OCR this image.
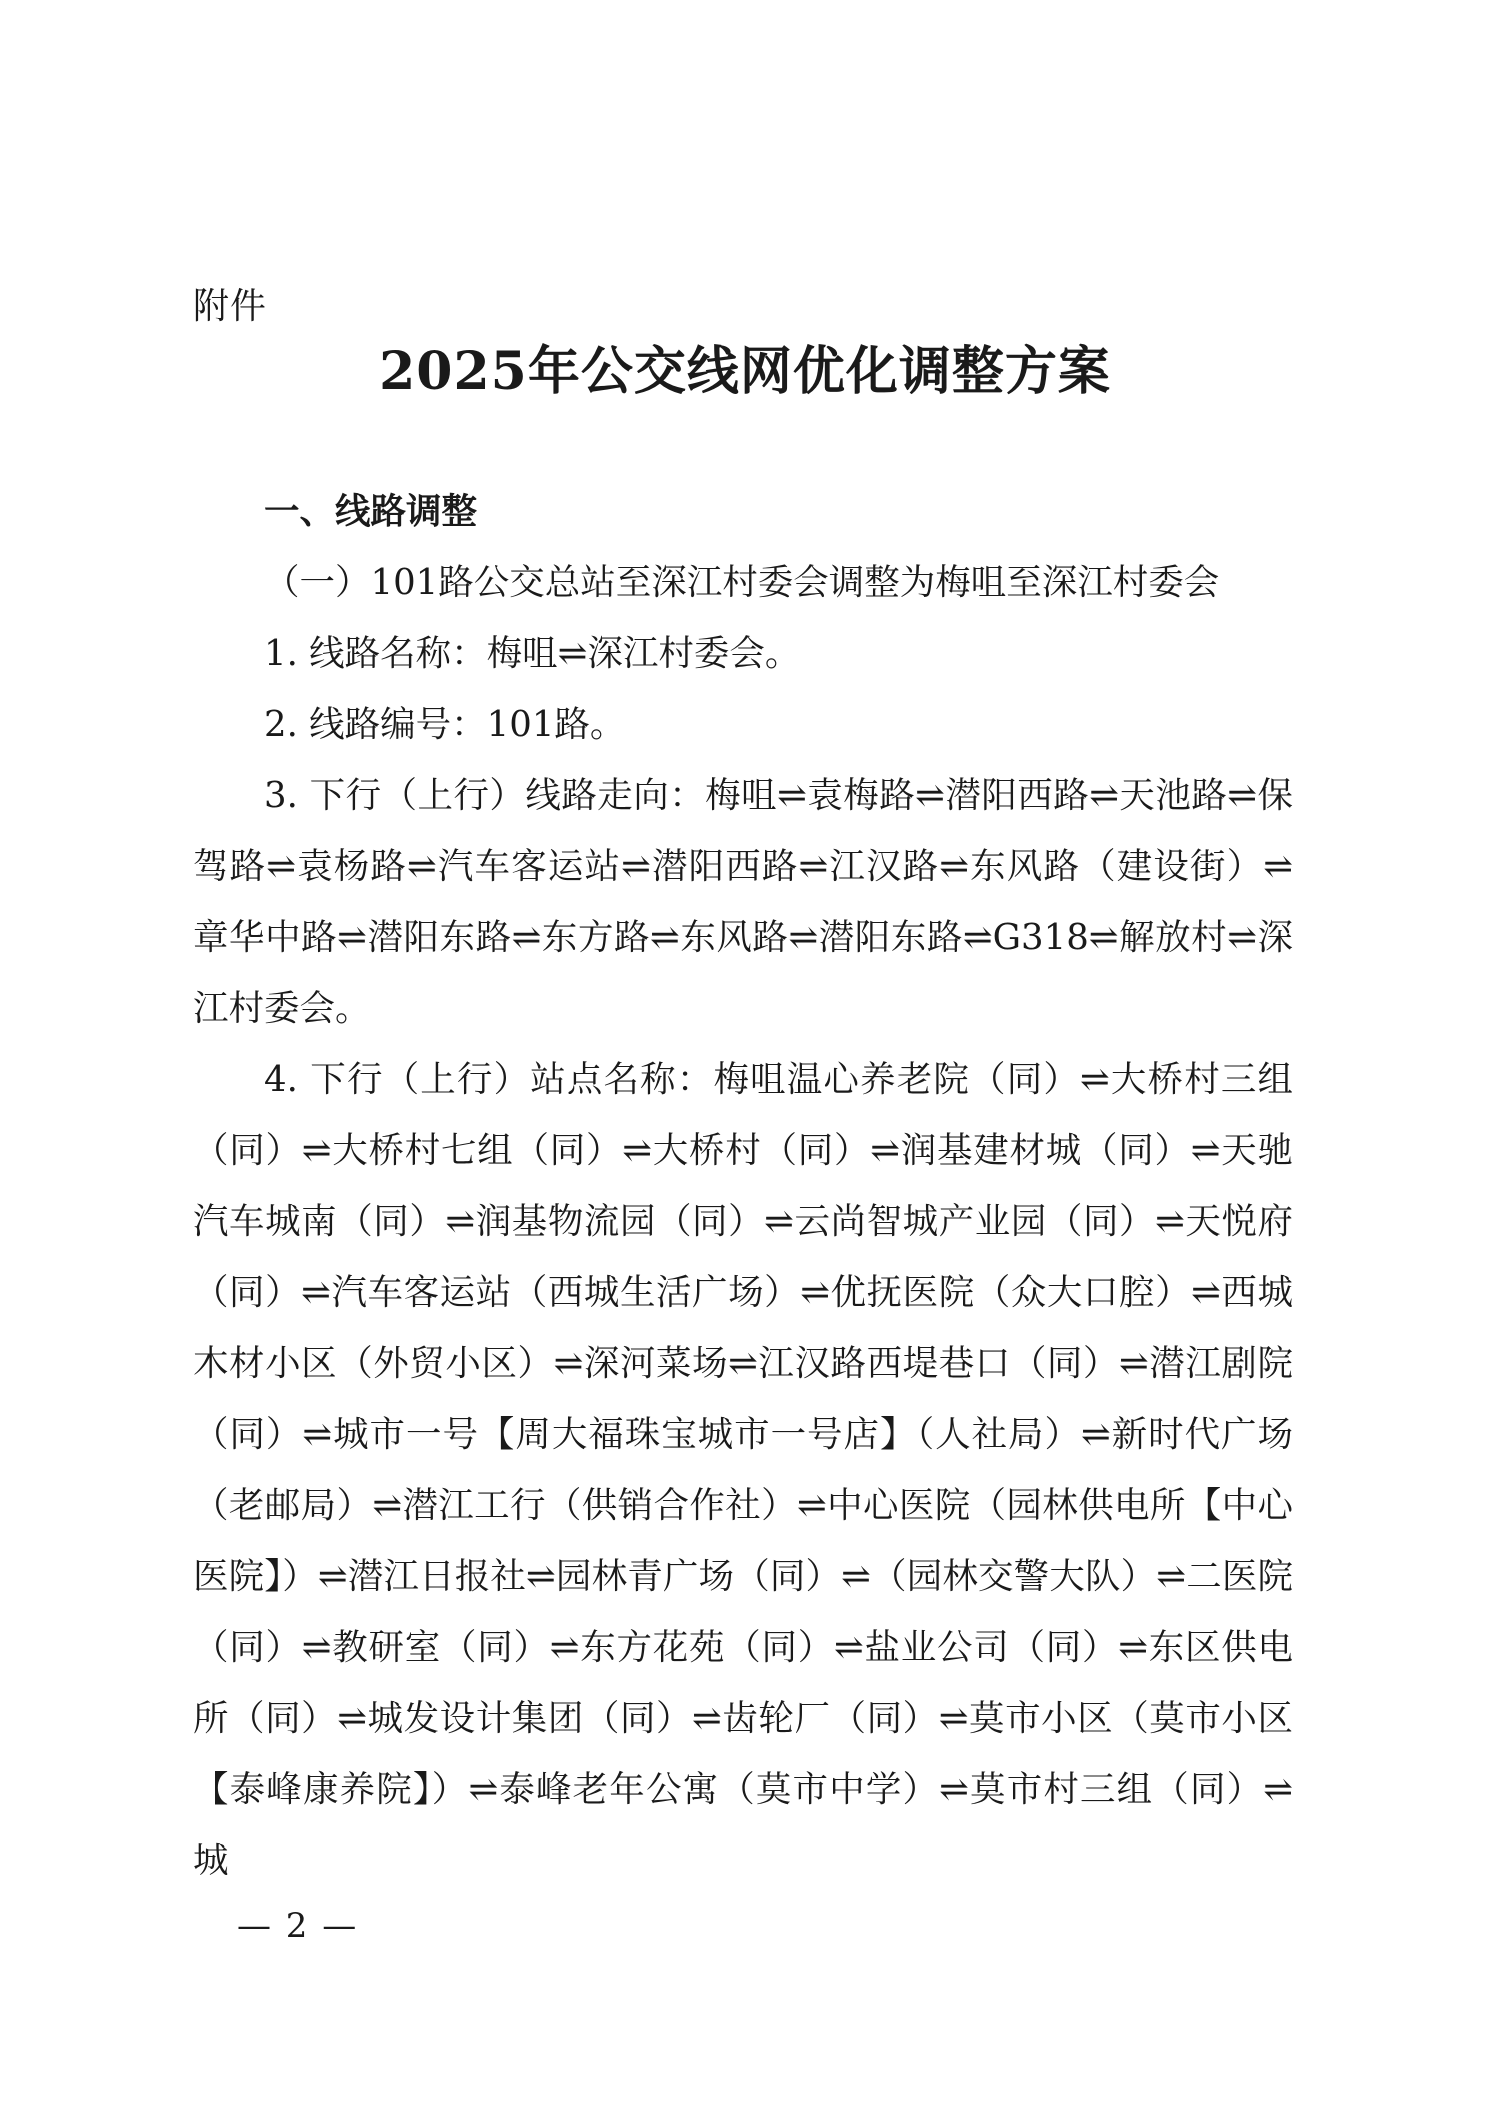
附件
2025年公交线网优化调整方案

一、线路调整

（一）101路公交总站至深江村委会调整为梅咀至深江村委会

1. 线路名称：梅咀⇌深江村委会。

2. 线路编号：101路。

3. 下行（上行）线路走向：梅咀⇌袁梅路⇌潜阳西路⇌天池路⇌保驾路⇌袁杨路⇌汽车客运站⇌潜阳西路⇌江汉路⇌东风路（建设街）⇌章华中路⇌潜阳东路⇌东方路⇌东风路⇌潜阳东路⇌G318⇌解放村⇌深江村委会。

4. 下行（上行）站点名称：梅咀温心养老院（同）⇌大桥村三组（同）⇌大桥村七组（同）⇌大桥村（同）⇌润基建材城（同）⇌天驰汽车城南（同）⇌润基物流园（同）⇌云尚智城产业园（同）⇌天悦府（同）⇌汽车客运站（西城生活广场）⇌优抚医院（众大口腔）⇌西城木材小区（外贸小区）⇌深河菜场⇌江汉路西堤巷口（同）⇌潜江剧院（同）⇌城市一号【周大福珠宝城市一号店】（人社局）⇌新时代广场（老邮局）⇌潜江工行（供销合作社）⇌中心医院（园林供电所【中心医院】）⇌潜江日报社⇌园林青广场（同）⇌（园林交警大队）⇌二医院（同）⇌教研室（同）⇌东方花苑（同）⇌盐业公司（同）⇌东区供电所（同）⇌城发设计集团（同）⇌齿轮厂（同）⇌莫市小区（莫市小区【泰峰康养院】）⇌泰峰老年公寓（莫市中学）⇌莫市村三组（同）⇌城

— 2 —
